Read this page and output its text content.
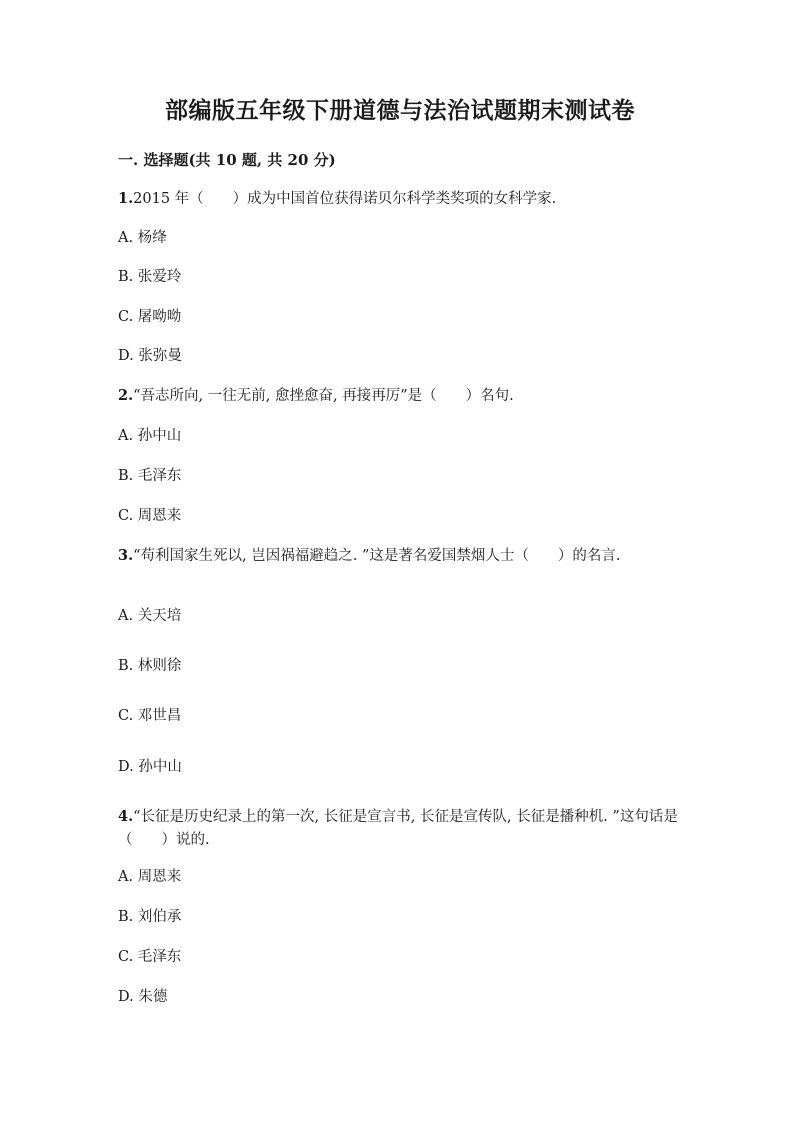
部编版五年级下册道德与法治试题期末测试卷

一. 选择题(共 10 题, 共 20 分)

1.2015 年（　　）成为中国首位获得诺贝尔科学类奖项的女科学家.

A. 杨绛

B. 张爱玲

C. 屠呦呦

D. 张弥曼

2.“吾志所向, 一往无前, 愈挫愈奋, 再接再厉”是（　　）名句.

A. 孙中山

B. 毛泽东

C. 周恩来

3.“苟利国家生死以, 岂因祸福避趋之. ”这是著名爱国禁烟人士（　　）的名言.

A. 关天培

B. 林则徐

C. 邓世昌

D. 孙中山

4.“长征是历史纪录上的第一次, 长征是宣言书, 长征是宣传队, 长征是播种机. ”这句话是（　　）说的.

A. 周恩来

B. 刘伯承

C. 毛泽东

D. 朱德
